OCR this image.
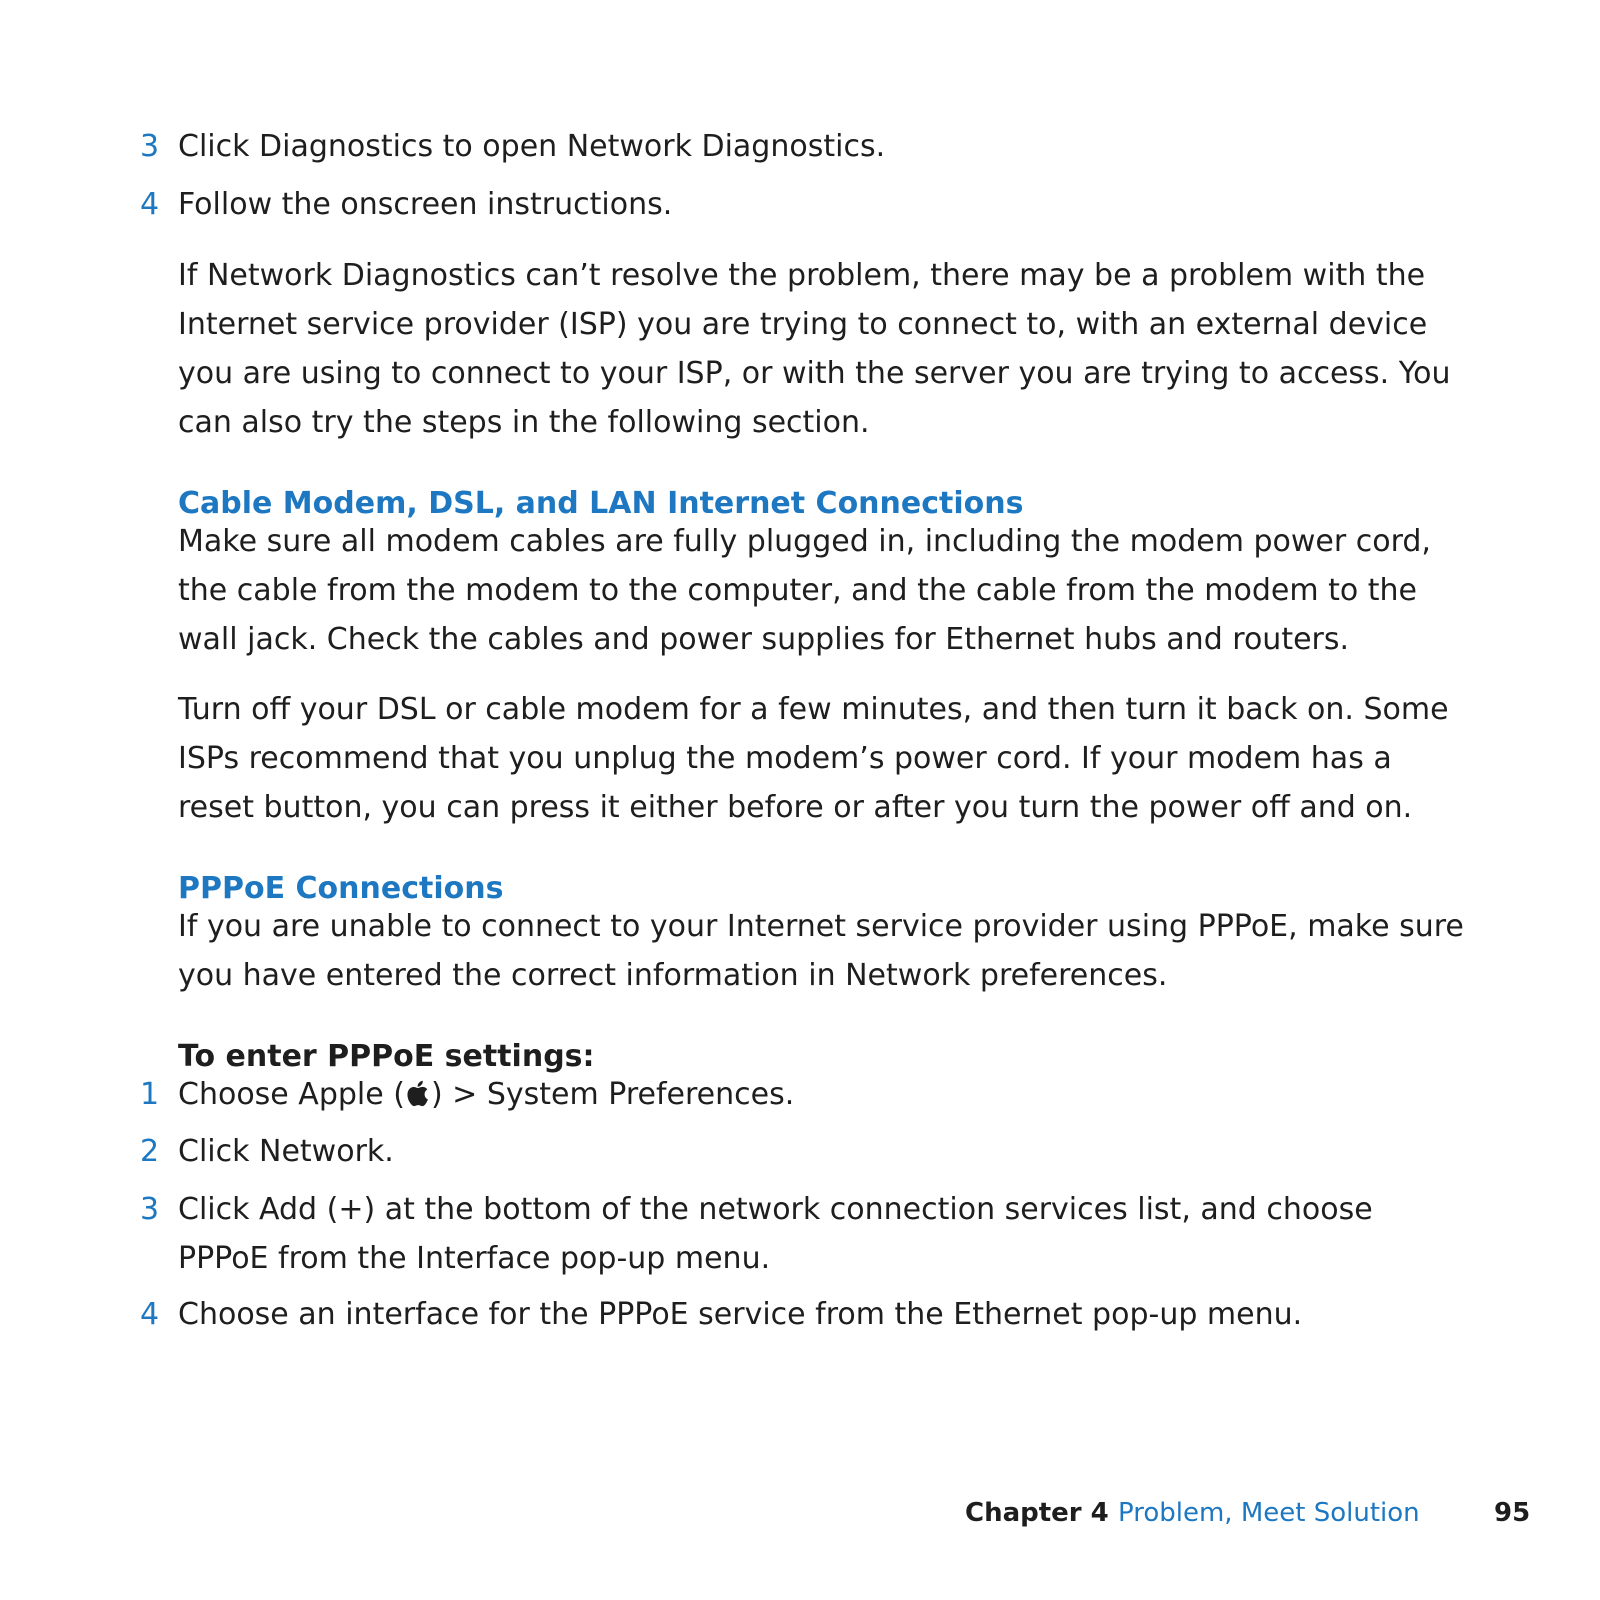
3 Click Diagnostics to open Network Diagnostics.
4 Follow the onscreen instructions.

If Network Diagnostics can’t resolve the problem, there may be a problem with the Internet service provider (ISP) you are trying to connect to, with an external device you are using to connect to your ISP, or with the server you are trying to access. You can also try the steps in the following section.

Cable Modem, DSL, and LAN Internet Connections

Make sure all modem cables are fully plugged in, including the modem power cord, the cable from the modem to the computer, and the cable from the modem to the wall jack. Check the cables and power supplies for Ethernet hubs and routers.

Turn off your DSL or cable modem for a few minutes, and then turn it back on. Some ISPs recommend that you unplug the modem’s power cord. If your modem has a reset button, you can press it either before or after you turn the power off and on.

PPPoE Connections

If you are unable to connect to your Internet service provider using PPPoE, make sure you have entered the correct information in Network preferences.

To enter PPPoE settings:
1 Choose Apple ( ) > System Preferences.
2 Click Network.
3 Click Add (+) at the bottom of the network connection services list, and choose PPPoE from the Interface pop-up menu.
4 Choose an interface for the PPPoE service from the Ethernet pop-up menu.
Chapter 4 Problem, Meet Solution	95
